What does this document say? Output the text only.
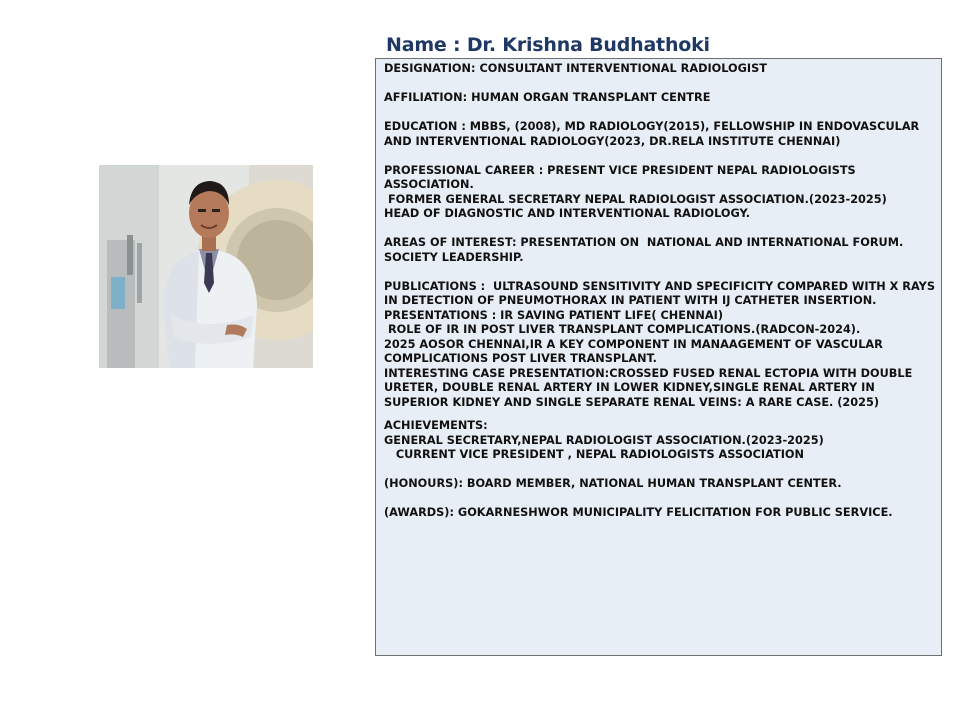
Name : Dr. Krishna Budhathoki
DESIGNATION: CONSULTANT INTERVENTIONAL RADIOLOGIST
AFFILIATION: HUMAN ORGAN TRANSPLANT CENTRE
EDUCATION : MBBS, (2008), MD RADIOLOGY(2015), FELLOWSHIP IN ENDOVASCULAR AND INTERVENTIONAL RADIOLOGY(2023, DR.RELA INSTITUTE CHENNAI)
PROFESSIONAL CAREER : PRESENT VICE PRESIDENT NEPAL RADIOLOGISTS ASSOCIATION.
FORMER GENERAL SECRETARY NEPAL RADIOLOGIST ASSOCIATION.(2023-2025)
HEAD OF DIAGNOSTIC AND INTERVENTIONAL RADIOLOGY.
AREAS OF INTEREST: PRESENTATION ON  NATIONAL AND INTERNATIONAL FORUM. SOCIETY LEADERSHIP.
PUBLICATIONS :  ULTRASOUND SENSITIVITY AND SPECIFICITY COMPARED WITH X RAYS IN DETECTION OF PNEUMOTHORAX IN PATIENT WITH IJ CATHETER INSERTION.
PRESENTATIONS : IR SAVING PATIENT LIFE( CHENNAI)
ROLE OF IR IN POST LIVER TRANSPLANT COMPLICATIONS.(RADCON-2024).
2025 AOSOR CHENNAI,IR A KEY COMPONENT IN MANAAGEMENT OF VASCULAR COMPLICATIONS POST LIVER TRANSPLANT.
INTERESTING CASE PRESENTATION:CROSSED FUSED RENAL ECTOPIA WITH DOUBLE URETER, DOUBLE RENAL ARTERY IN LOWER KIDNEY,SINGLE RENAL ARTERY IN SUPERIOR KIDNEY AND SINGLE SEPARATE RENAL VEINS: A RARE CASE. (2025)
ACHIEVEMENTS:
GENERAL SECRETARY,NEPAL RADIOLOGIST ASSOCIATION.(2023-2025)
CURRENT VICE PRESIDENT , NEPAL RADIOLOGISTS ASSOCIATION
(HONOURS): BOARD MEMBER, NATIONAL HUMAN TRANSPLANT CENTER.
(AWARDS): GOKARNESHWOR MUNICIPALITY FELICITATION FOR PUBLIC SERVICE.
